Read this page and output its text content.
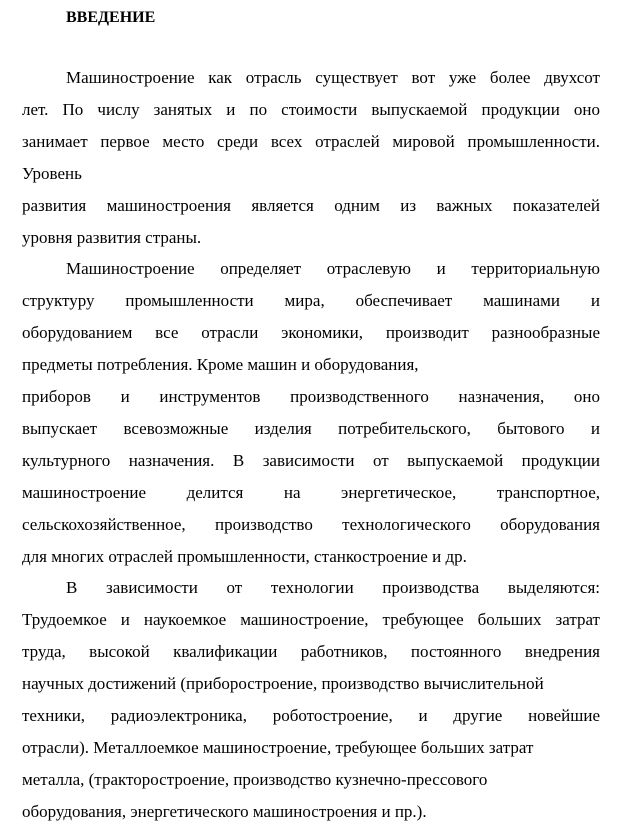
ВВЕДЕНИЕ
Машиностроение как отрасль существует вот уже более двухсот
лет. По числу занятых и по стоимости выпускаемой продукции оно
занимает первое место среди всех отраслей мировой промышленности.
Уровень
развития машиностроения является одним из важных показателей
уровня развития страны.
Машиностроение определяет отраслевую и территориальную
структуру промышленности мира, обеспечивает машинами и
оборудованием все отрасли экономики, производит разнообразные
предметы потребления. Кроме машин и оборудования,
приборов и инструментов производственного назначения, оно
выпускает всевозможные изделия потребительского, бытового и
культурного назначения. В зависимости от выпускаемой продукции
машиностроение делится на энергетическое, транспортное,
сельскохозяйственное, производство технологического оборудования
для многих отраслей промышленности, станкостроение и др.
В зависимости от технологии производства выделяются:
Трудоемкое и наукоемкое машиностроение, требующее больших затрат
труда, высокой квалификации работников, постоянного внедрения
научных достижений (приборостроение, производство вычислительной
техники, радиоэлектроника, роботостроение, и другие новейшие
отрасли). Металлоемкое машиностроение, требующее больших затрат
металла, (тракторостроение, производство кузнечно-прессового
оборудования, энергетического машиностроения и пр.).
